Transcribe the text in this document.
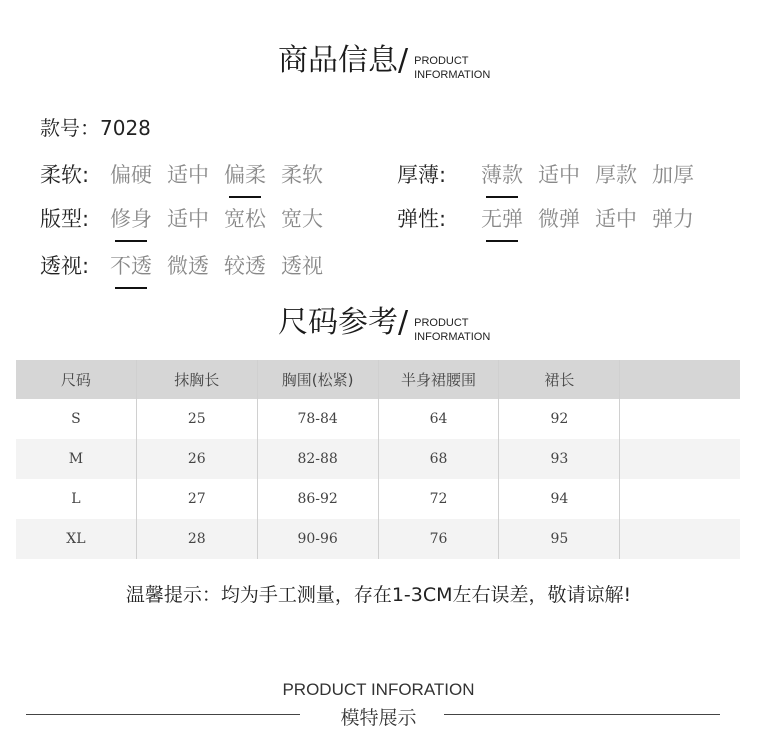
商品信息/ PRODUCT
INFORMATION
款号：7028
柔软: 偏硬 适中 偏柔 柔软
版型: 修身 适中 宽松 宽大
透视: 不透 微透 较透 透视
厚薄:	薄款 适中 厚款 加厚
弹性:	无弹 微弹 适中 弹力
尺码参考/ PRODUCT
INFORMATION
尺码	抹胸长	胸围(松紧)	半身裙腰围	裙长	
S	25	78-84	64	92	
M	26	82-88	68	93	
L	27	86-92	72	94	
XL	28	90-96	76	95	
温馨提示：均为手工测量，存在1-3CM左右误差，敬请谅解!
PRODUCT INFORATION
模特展示
